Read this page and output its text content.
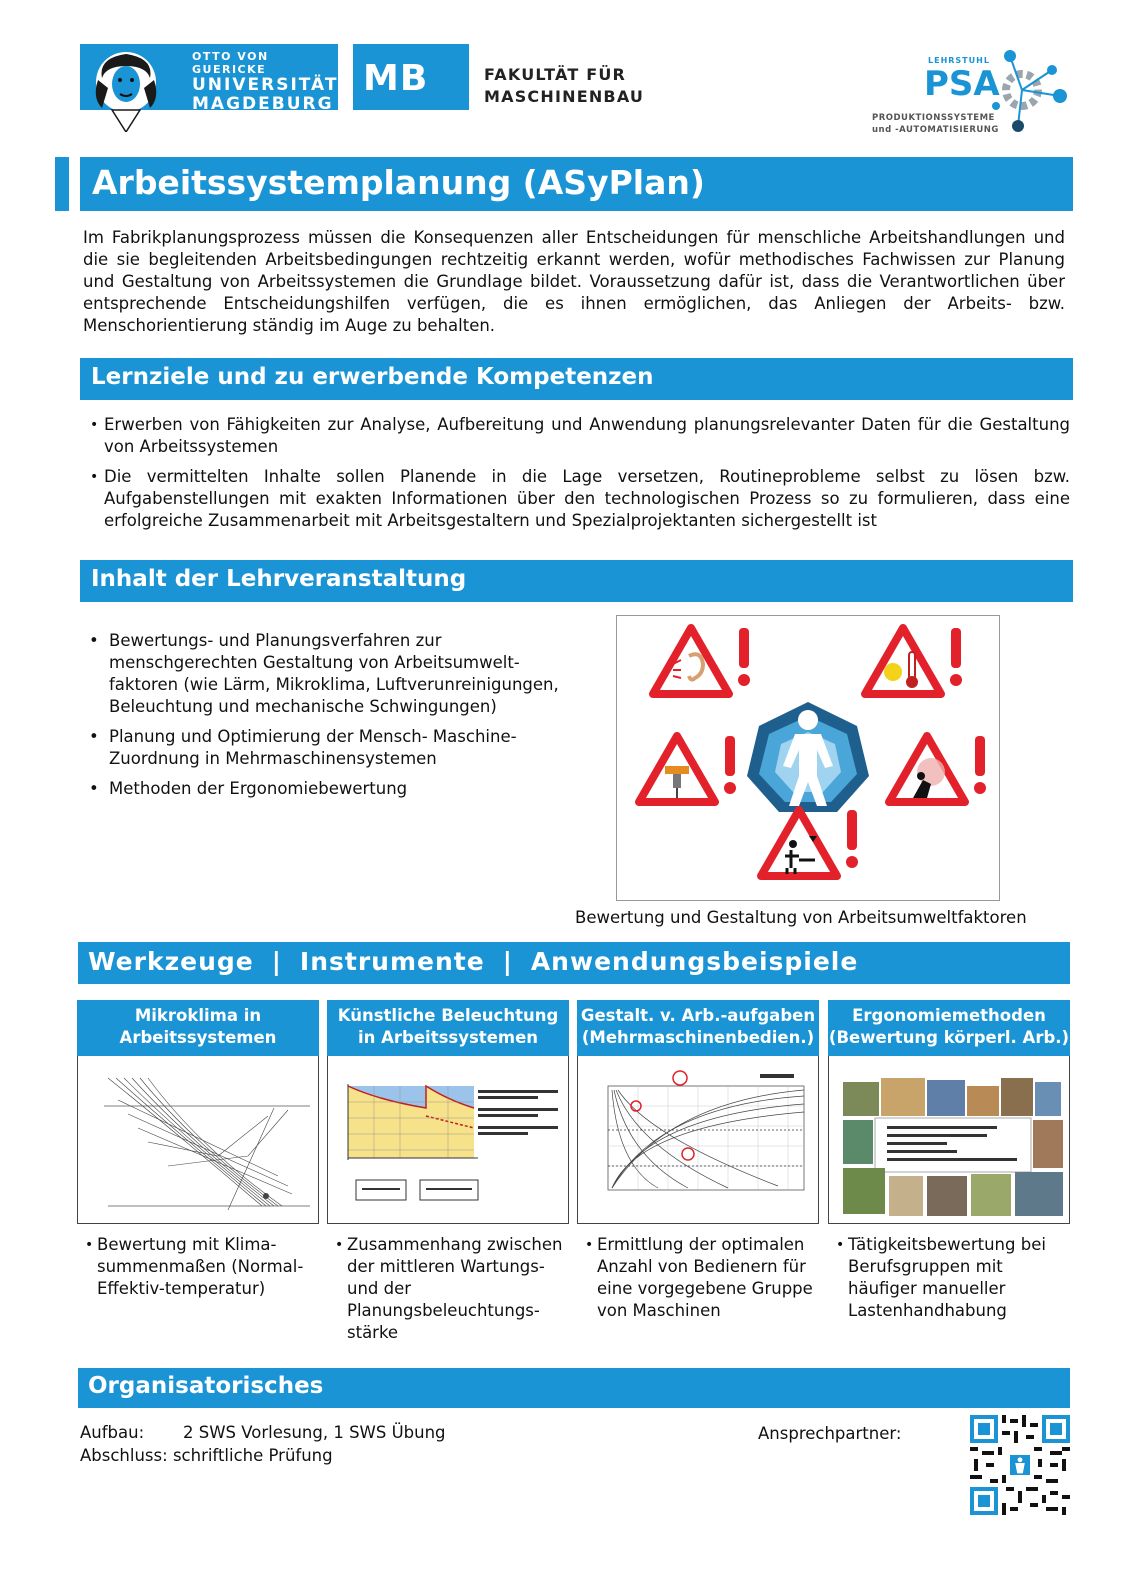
OTTO VON GUERICKE
UNIVERSITÄT
MAGDEBURG
MB	FAKULTÄT FÜR
MASCHINENBAU
LEHRSTUHL
PSA
PRODUKTIONSSYSTEME
und -AUTOMATISIERUNG
Arbeitssystemplanung (ASyPlan)
Im Fabrikplanungsprozess müssen die Konsequenzen aller Entscheidungen für menschliche Arbeitshandlungen und die sie begleitenden Arbeitsbedingungen rechtzeitig erkannt werden, wofür methodisches Fachwissen zur Planung und Gestaltung von Arbeitssystemen die Grundlage bildet. Voraussetzung dafür ist, dass die Verantwortlichen über entsprechende Entscheidungshilfen verfügen, die es ihnen ermöglichen, das Anliegen der Arbeits- bzw. Menschorientierung ständig im Auge zu behalten.
Lernziele und zu erwerbende Kompetenzen
• Erwerben von Fähigkeiten zur Analyse, Aufbereitung und Anwendung planungsrelevanter Daten für die Gestaltung von Arbeitssystemen
• Die vermittelten Inhalte sollen Planende in die Lage versetzen, Routineprobleme selbst zu lösen bzw. Aufgabenstellungen mit exakten Informationen über den technologischen Prozess so zu formulieren, dass eine erfolgreiche Zusammenarbeit mit Arbeitsgestaltern und Spezialprojektanten sichergestellt ist
Inhalt der Lehrveranstaltung
• Bewertungs- und Planungsverfahren zur menschgerechten Gestaltung von Arbeitsumwelt-faktoren (wie Lärm, Mikroklima, Luftverunreinigungen, Beleuchtung und mechanische Schwingungen)
• Planung und Optimierung der Mensch- Maschine-Zuordnung in Mehrmaschinensystemen
• Methoden der Ergonomiebewertung
Bewertung und Gestaltung von Arbeitsumweltfaktoren
Werkzeuge | Instrumente | Anwendungsbeispiele
Mikroklima in
Arbeitssystemen
• Bewertung mit Klima-summenmaßen (Normal-Effektiv-temperatur)
Künstliche Beleuchtung
in Arbeitssystemen
• Zusammenhang zwischen der mittleren Wartungs- und der Planungsbeleuchtungs-stärke
Gestalt. v. Arb.-aufgaben
(Mehrmaschinenbedien.)
• Ermittlung der optimalen Anzahl von Bedienern für eine vorgegebene Gruppe von Maschinen
Ergonomiemethoden
(Bewertung körperl. Arb.)
• Tätigkeitsbewertung bei Berufsgruppen mit häufiger manueller Lastenhandhabung
Organisatorisches
Aufbau: 2 SWS Vorlesung, 1 SWS Übung
Abschluss: schriftliche Prüfung
Ansprechpartner:
